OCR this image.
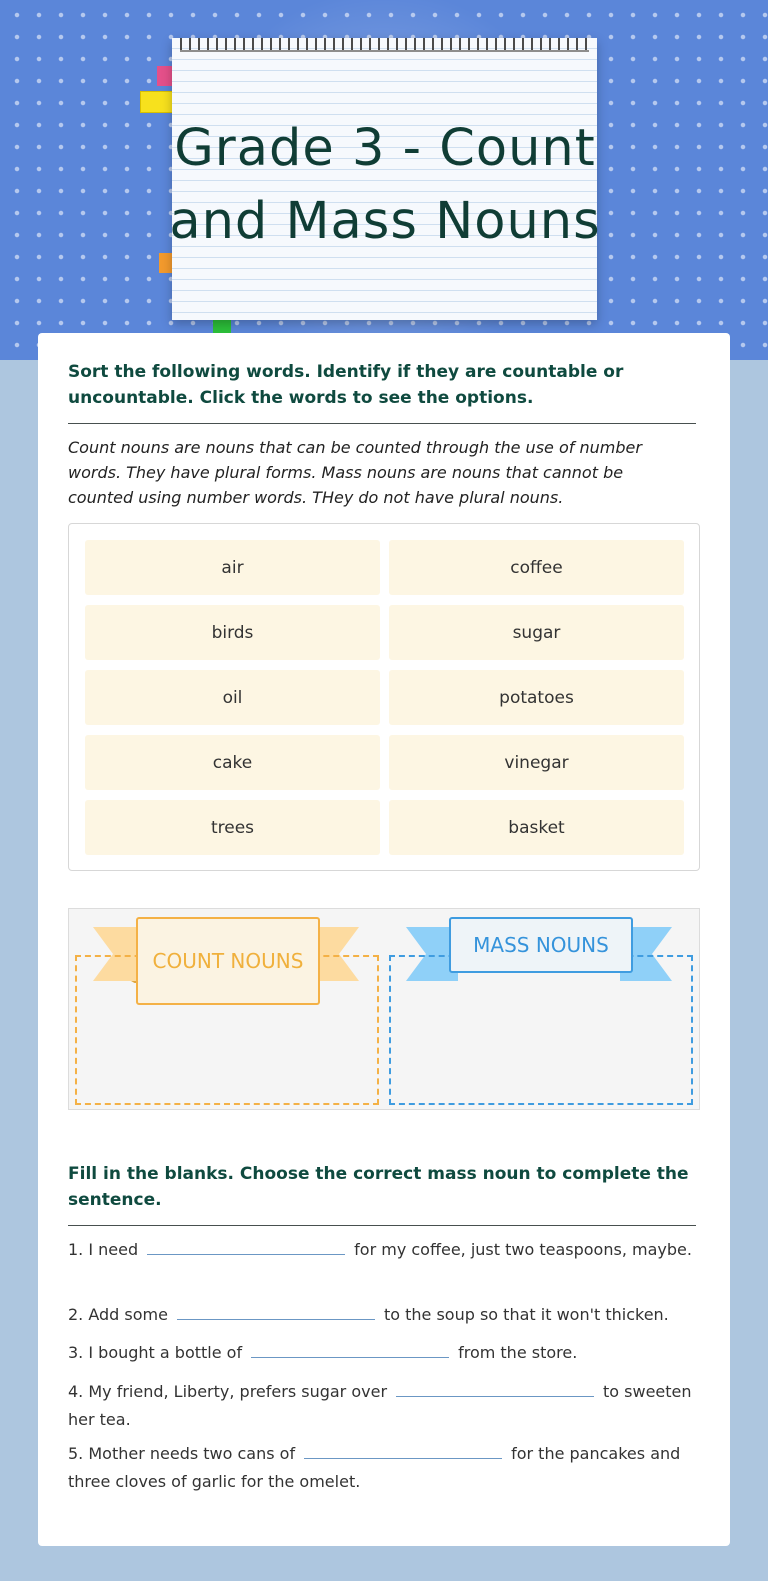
Grade 3 - Count
and Mass Nouns

Sort the following words. Identify if they are countable or uncountable. Click the words to see the options.

Count nouns are nouns that can be counted through the use of number words. They have plural forms. Mass nouns are nouns that cannot be counted using number words. THey do not have plural nouns.

air	coffee
birds	sugar
oil	potatoes
cake	vinegar
trees	basket
COUNT NOUNS
MASS NOUNS

Fill in the blanks. Choose the correct mass noun to complete the sentence.

1. I need	for my coffee, just two teaspoons, maybe.

2. Add some	to the soup so that it won't thicken.

3. I bought a bottle of	from the store.

4. My friend, Liberty, prefers sugar over	to sweeten her tea.

5. Mother needs two cans of	for the pancakes and three cloves of garlic for the omelet.
